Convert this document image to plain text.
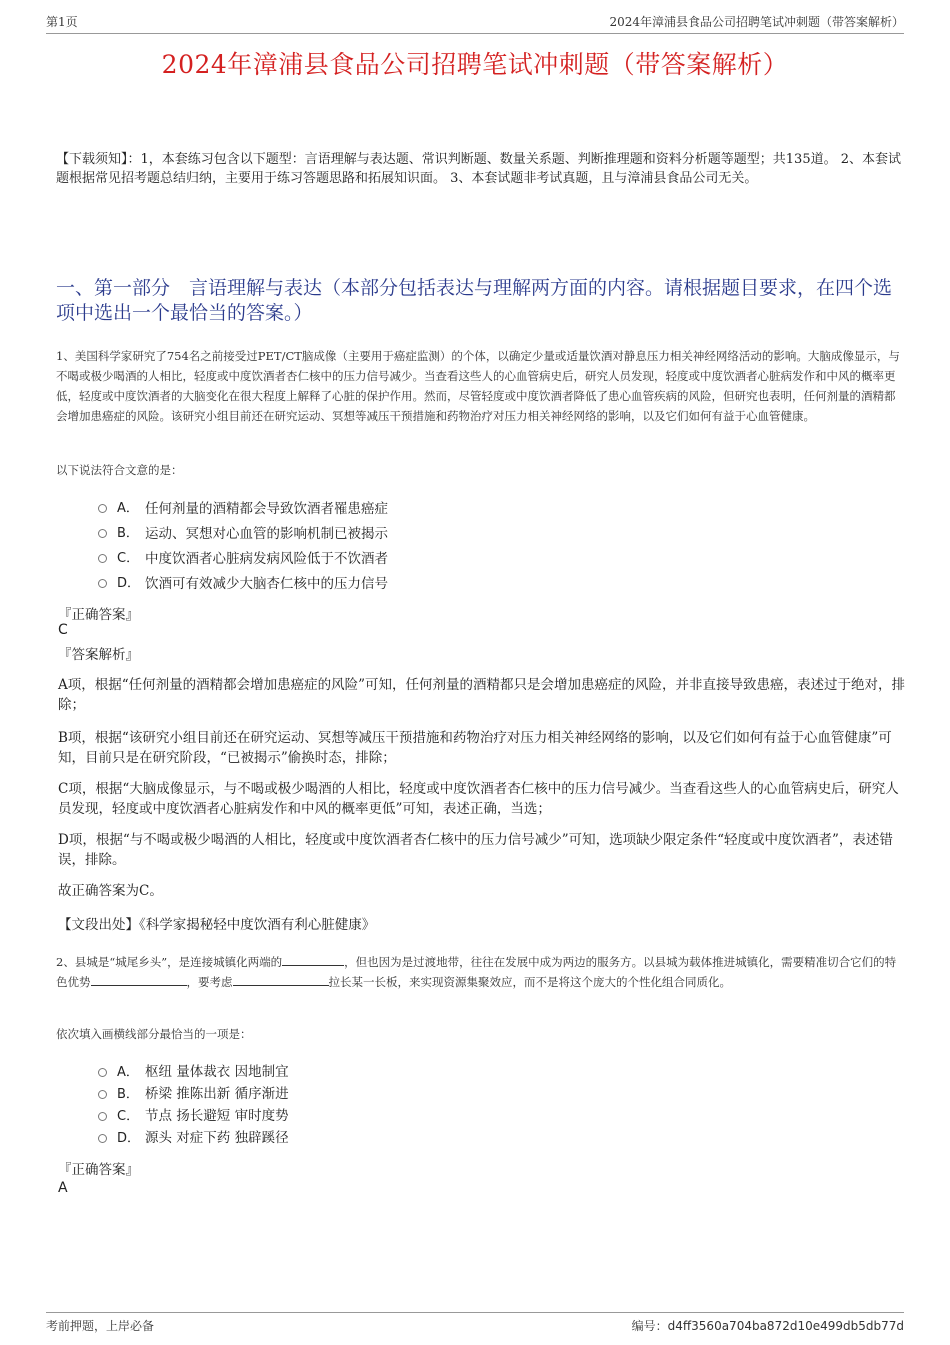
第1页	2024年漳浦县食品公司招聘笔试冲刺题（带答案解析）
2024年漳浦县食品公司招聘笔试冲刺题（带答案解析）
【下载须知】：1，本套练习包含以下题型：言语理解与表达题、常识判断题、数量关系题、判断推理题和资料分析题等题型；共135道。 2、本套试题根据常见招考题总结归纳，主要用于练习答题思路和拓展知识面。 3、本套试题非考试真题，且与漳浦县食品公司无关。
一、第一部分　言语理解与表达（本部分包括表达与理解两方面的内容。请根据题目要求，在四个选项中选出一个最恰当的答案。）
1、美国科学家研究了754名之前接受过PET/CT脑成像（主要用于癌症监测）的个体，以确定少量或适量饮酒对静息压力相关神经网络活动的影响。大脑成像显示，与不喝或极少喝酒的人相比，轻度或中度饮酒者杏仁核中的压力信号减少。当查看这些人的心血管病史后，研究人员发现，轻度或中度饮酒者心脏病发作和中风的概率更低，轻度或中度饮酒者的大脑变化在很大程度上解释了心脏的保护作用。然而，尽管轻度或中度饮酒者降低了患心血管疾病的风险，但研究也表明，任何剂量的酒精都会增加患癌症的风险。该研究小组目前还在研究运动、冥想等减压干预措施和药物治疗对压力相关神经网络的影响，以及它们如何有益于心血管健康。
以下说法符合文意的是：
A． 任何剂量的酒精都会导致饮酒者罹患癌症
B． 运动、冥想对心血管的影响机制已被揭示
C． 中度饮酒者心脏病发病风险低于不饮酒者
D． 饮酒可有效减少大脑杏仁核中的压力信号
『正确答案』
C
『答案解析』
A项，根据“任何剂量的酒精都会增加患癌症的风险”可知，任何剂量的酒精都只是会增加患癌症的风险，并非直接导致患癌，表述过于绝对，排除；
B项，根据“该研究小组目前还在研究运动、冥想等减压干预措施和药物治疗对压力相关神经网络的影响，以及它们如何有益于心血管健康”可知，目前只是在研究阶段，“已被揭示”偷换时态，排除；
C项，根据“大脑成像显示，与不喝或极少喝酒的人相比，轻度或中度饮酒者杏仁核中的压力信号减少。当查看这些人的心血管病史后，研究人员发现，轻度或中度饮酒者心脏病发作和中风的概率更低”可知，表述正确，当选；
D项，根据“与不喝或极少喝酒的人相比，轻度或中度饮酒者杏仁核中的压力信号减少”可知，选项缺少限定条件“轻度或中度饮酒者”，表述错误，排除。
故正确答案为C。
【文段出处】《科学家揭秘轻中度饮酒有利心脏健康》
2、县城是“城尾乡头”，是连接城镇化两端的	，但也因为是过渡地带，往往在发展中成为两边的服务方。以县城为载体推进城镇化，需要精准切合它们的特色优势	，要考虑	拉长某一长板，来实现资源集聚效应，而不是将这个庞大的个性化组合同质化。
依次填入画横线部分最恰当的一项是：
A． 枢纽 量体裁衣 因地制宜
B． 桥梁 推陈出新 循序渐进
C． 节点 扬长避短 审时度势
D． 源头 对症下药 独辟蹊径
『正确答案』
A
考前押题，上岸必备	编号：d4ff3560a704ba872d10e499db5db77d
